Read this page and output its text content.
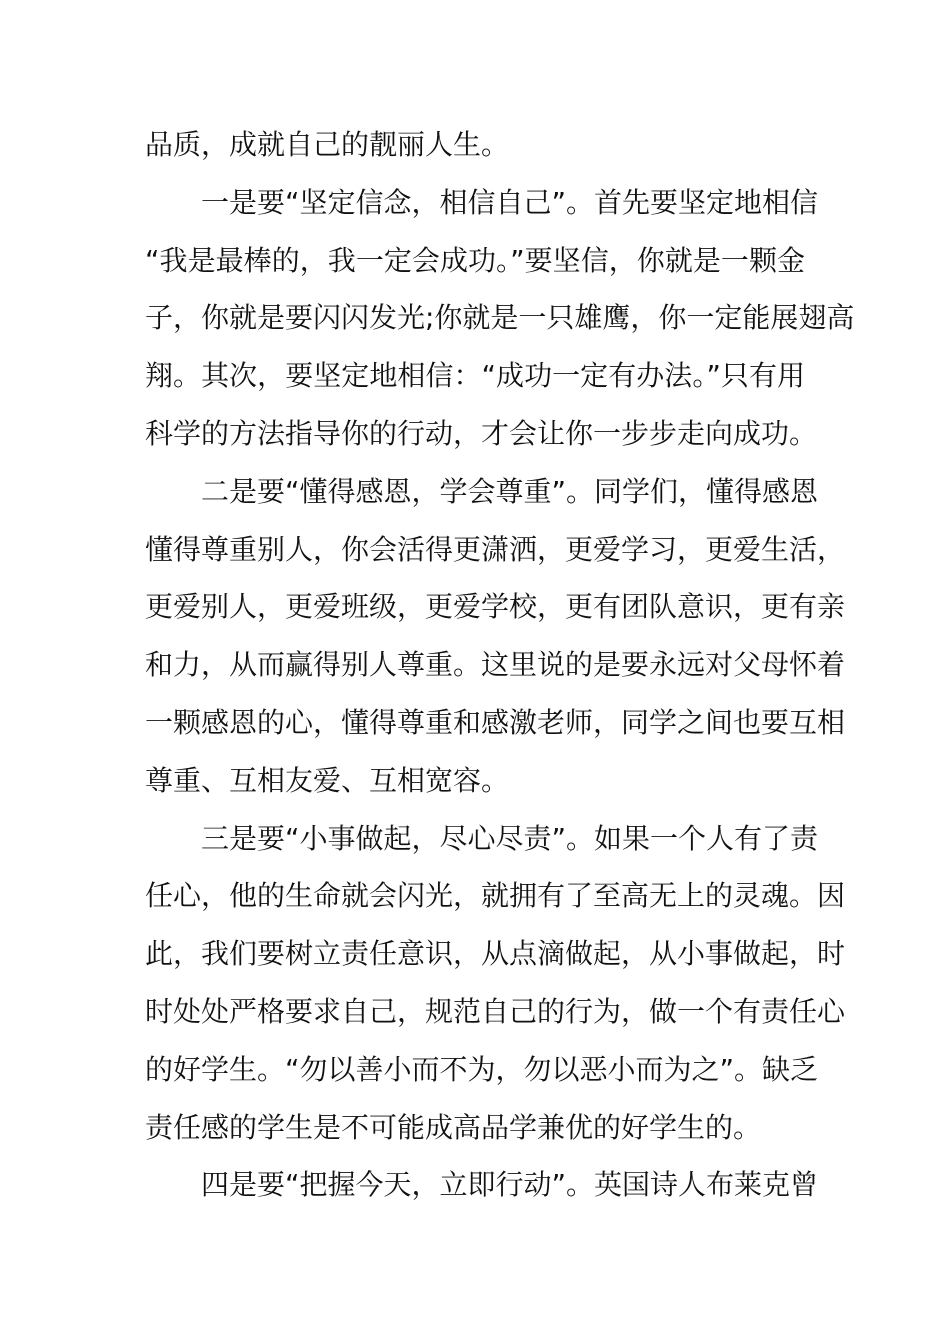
品质，成就自己的靓丽人生。
一是要“坚定信念，相信自己”。首先要坚定地相信
“我是最棒的，我一定会成功。”要坚信，你就是一颗金
子，你就是要闪闪发光;你就是一只雄鹰，你一定能展翅高
翔。其次，要坚定地相信：“成功一定有办法。”只有用
科学的方法指导你的行动，才会让你一步步走向成功。
二是要“懂得感恩，学会尊重”。同学们，懂得感恩
懂得尊重别人，你会活得更潇洒，更爱学习，更爱生活，
更爱别人，更爱班级，更爱学校，更有团队意识，更有亲
和力，从而赢得别人尊重。这里说的是要永远对父母怀着
一颗感恩的心，懂得尊重和感激老师，同学之间也要互相
尊重、互相友爱、互相宽容。
三是要“小事做起，尽心尽责”。如果一个人有了责
任心，他的生命就会闪光，就拥有了至高无上的灵魂。因
此，我们要树立责任意识，从点滴做起，从小事做起，时
时处处严格要求自己，规范自己的行为，做一个有责任心
的好学生。“勿以善小而不为，勿以恶小而为之”。缺乏
责任感的学生是不可能成高品学兼优的好学生的。
四是要“把握今天，立即行动”。英国诗人布莱克曾
